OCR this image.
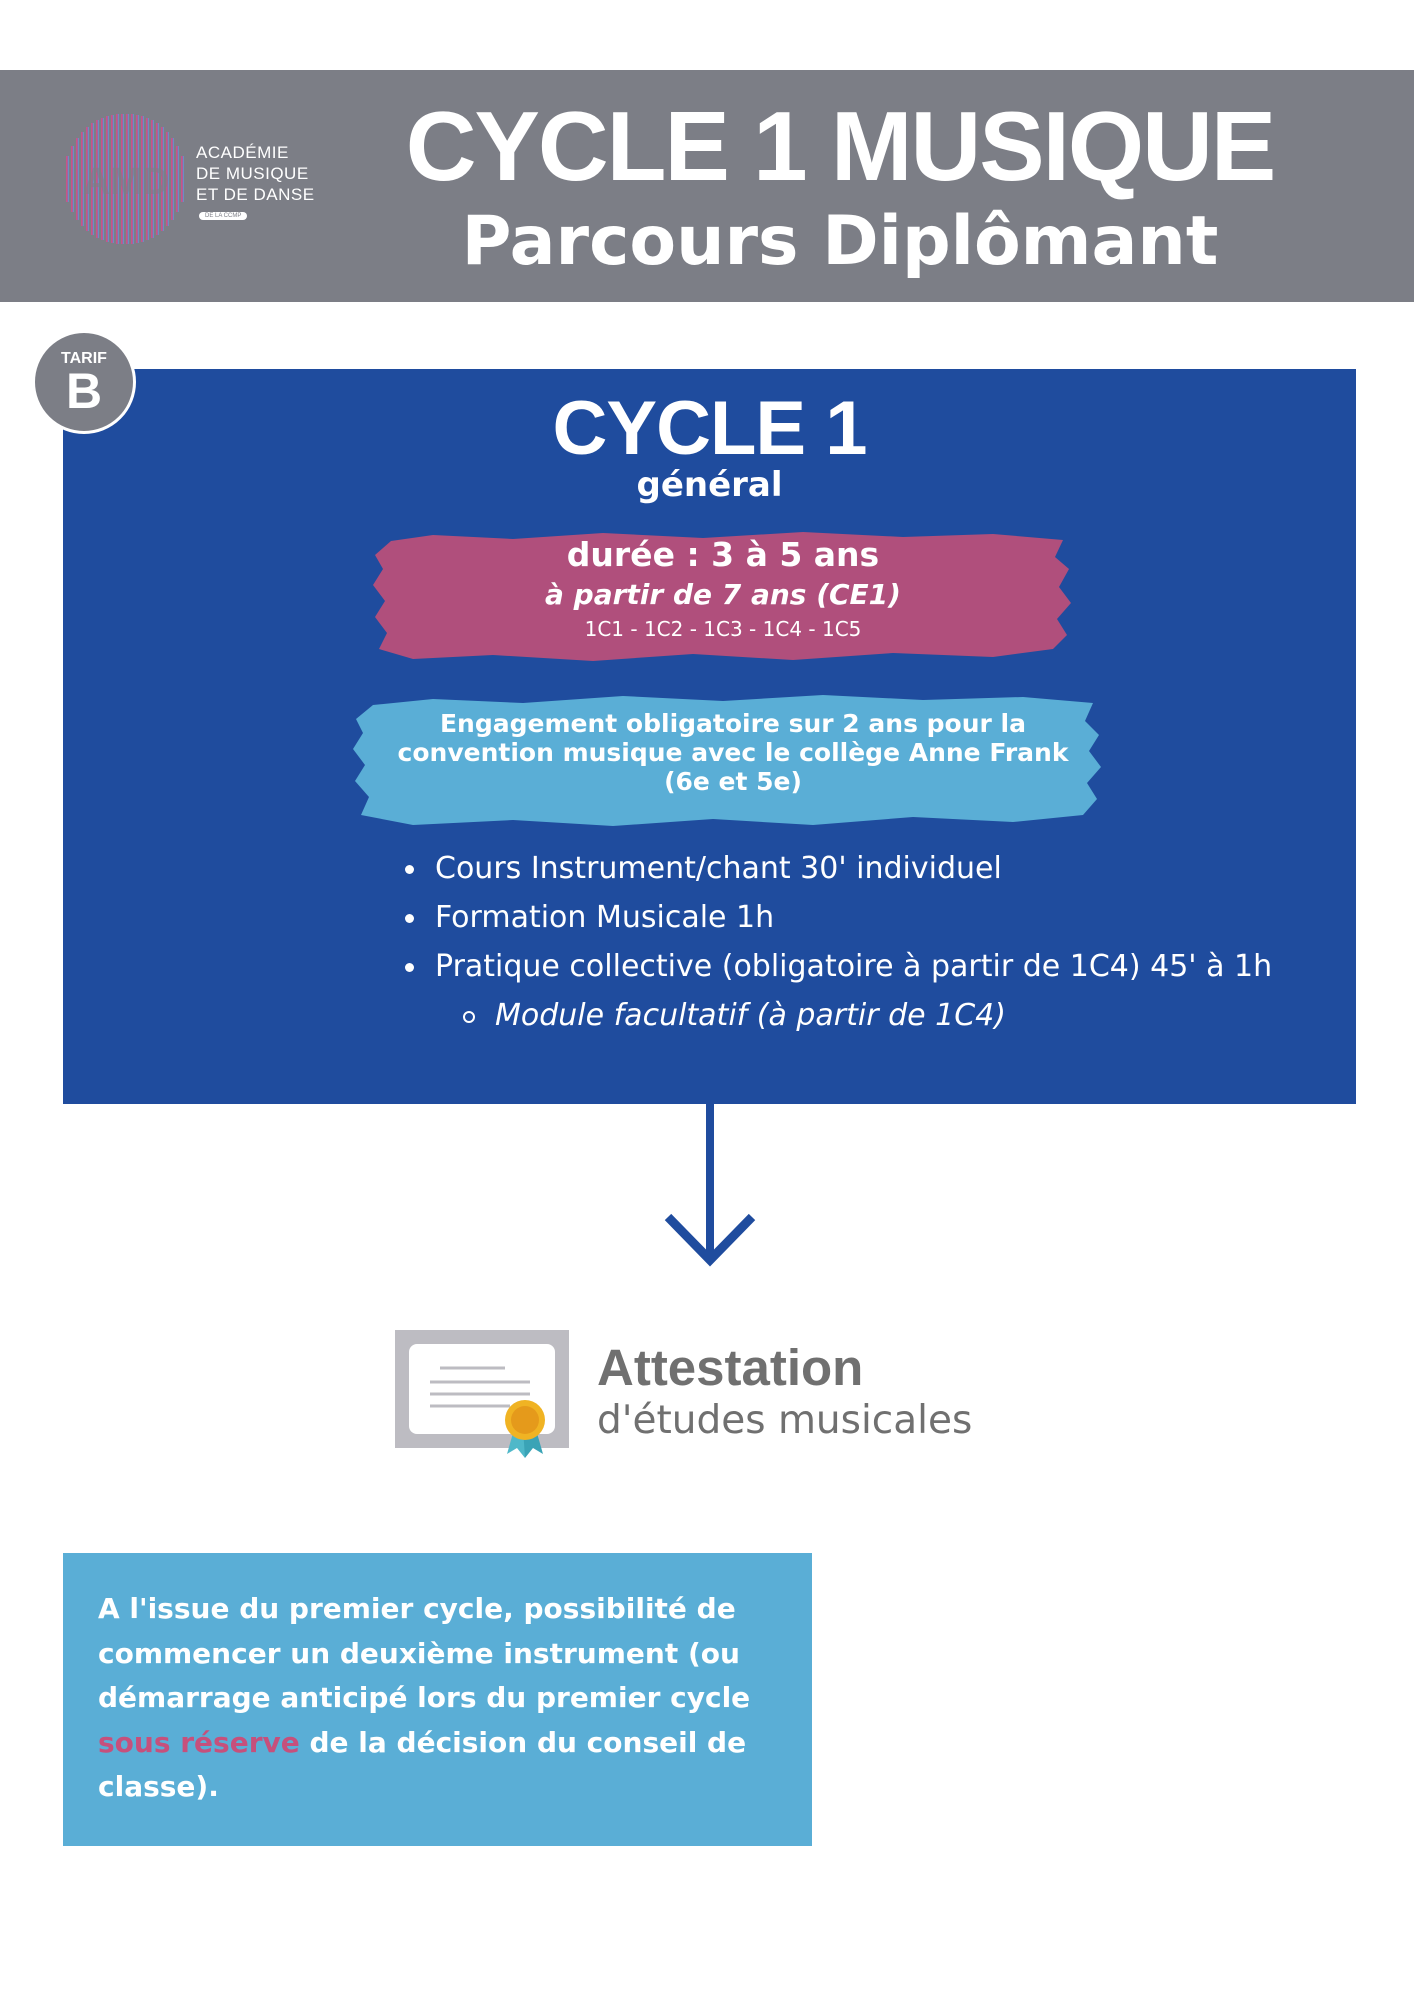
AMD
ACADÉMIE
DE MUSIQUE
ET DE DANSE
DE LA CCMP
CYCLE 1 MUSIQUE
Parcours Diplômant
TARIF
B	CYCLE 1
général
durée : 3 à 5 ans
à partir de 7 ans (CE1)
1C1 - 1C2 - 1C3 - 1C4 - 1C5
Engagement obligatoire sur 2 ans pour la convention musique avec le collège Anne Frank (6e et 5e)
Cours Instrument/chant 30' individuel
Formation Musicale 1h
Pratique collective (obligatoire à partir de 1C4) 45' à 1h
Module facultatif (à partir de 1C4)
Attestation
d'études musicales
A l'issue du premier cycle, possibilité de commencer un deuxième instrument (ou démarrage anticipé lors du premier cycle sous réserve de la décision du conseil de classe).
